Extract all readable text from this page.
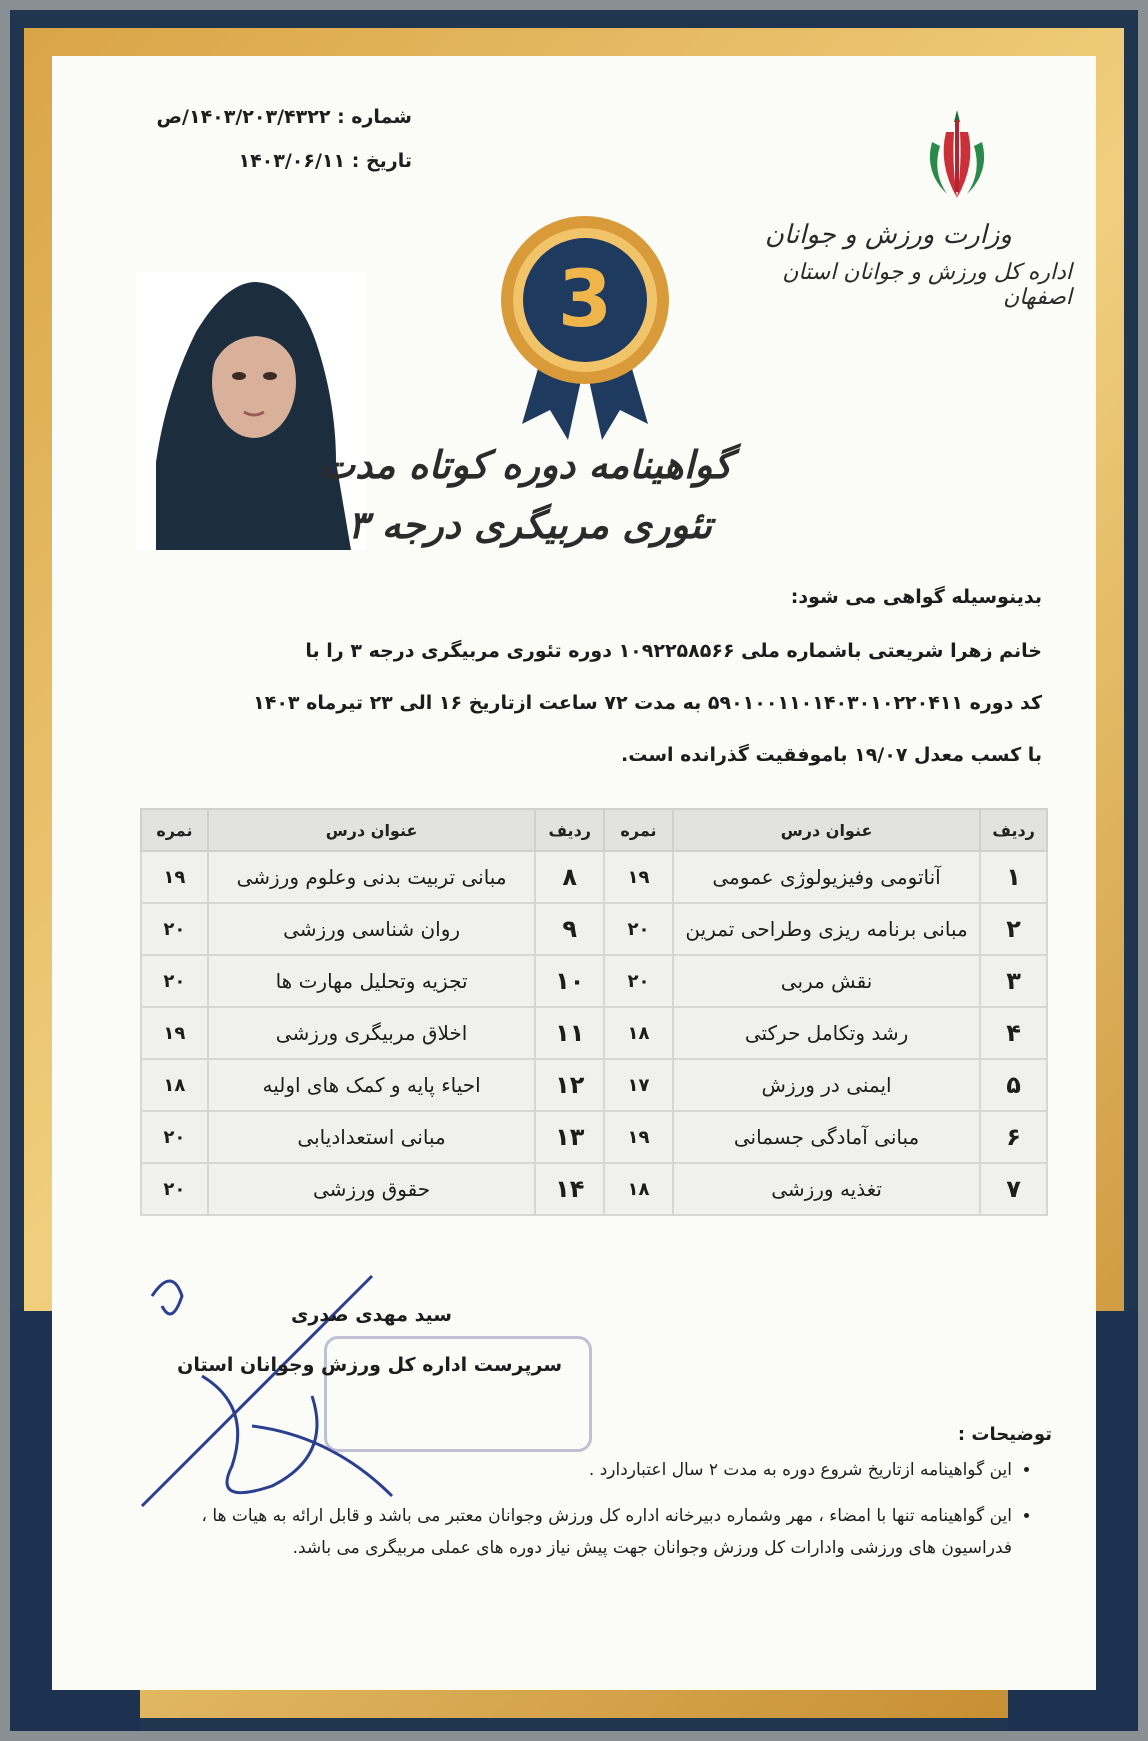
شماره : ۱۴۰۳/۲۰۳/۴۳۲۲/ص
تاریخ : ۱۴۰۳/۰۶/۱۱
وزارت ورزش و جوانان
اداره کل ورزش و جوانان استان اصفهان
3
گواهینامه دوره کوتاه مدت
تئوری مربیگری درجه ۳
بدینوسیله گواهی می شود:
خانم زهرا شریعتی باشماره ملی ۱۰۹۲۲۵۸۵۶۶ دوره تئوری مربیگری درجه ۳ را با
کد دوره ۵۹۰۱۰۰۱۱۰۱۴۰۳۰۱۰۲۲۰۴۱۱ به مدت ۷۲ ساعت ازتاریخ ۱۶ الی ۲۳ تیرماه ۱۴۰۳
با کسب معدل ۱۹/۰۷ باموفقیت گذرانده است.
ردیف	عنوان درس	نمره	ردیف	عنوان درس	نمره
۱	آناتومی وفیزیولوژی عمومی	۱۹	۸	مبانی تربیت بدنی وعلوم ورزشی	۱۹
۲	مبانی برنامه ریزی وطراحی تمرین	۲۰	۹	روان شناسی ورزشی	۲۰
۳	نقش مربی	۲۰	۱۰	تجزیه وتحلیل مهارت ها	۲۰
۴	رشد وتکامل حرکتی	۱۸	۱۱	اخلاق مربیگری ورزشی	۱۹
۵	ایمنی در ورزش	۱۷	۱۲	احیاء پایه و کمک های اولیه	۱۸
۶	مبانی آمادگی جسمانی	۱۹	۱۳	مبانی استعدادیابی	۲۰
۷	تغذیه ورزشی	۱۸	۱۴	حقوق ورزشی	۲۰
سید مهدی صدری
سرپرست اداره کل ورزش وجوانان استان
توضیحات :
• این گواهینامه ازتاریخ شروع دوره به مدت ۲ سال اعتباردارد .
• این گواهینامه تنها با امضاء ، مهر وشماره دبیرخانه اداره کل ورزش وجوانان معتبر می باشد و قابل ارائه به هیات ها ، فدراسیون های ورزشی وادارات کل ورزش وجوانان جهت پیش نیاز دوره های عملی مربیگری می باشد.
